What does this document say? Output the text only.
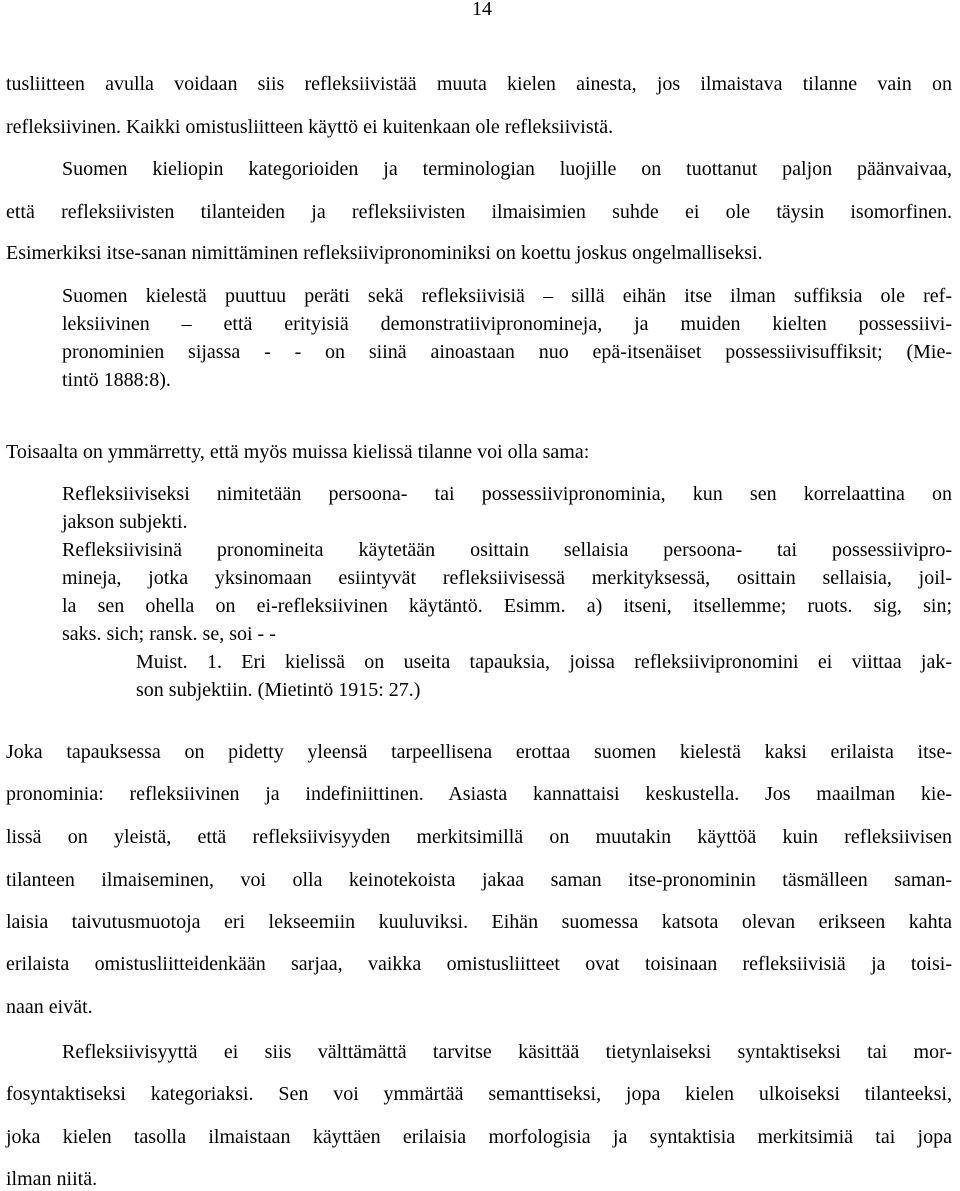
14
tusliitteen avulla voidaan siis refleksiivistää muuta kielen ainesta, jos ilmaistava tilanne vain on
refleksiivinen. Kaikki omistusliitteen käyttö ei kuitenkaan ole refleksiivistä.
Suomen kieliopin kategorioiden ja terminologian luojille on tuottanut paljon päänvaivaa,
että refleksiivisten tilanteiden ja refleksiivisten ilmaisimien suhde ei ole täysin isomorfinen.
Esimerkiksi itse-sanan nimittäminen refleksiivipronominiksi on koettu joskus ongelmalliseksi.
Suomen kielestä puuttuu peräti sekä refleksiivisiä – sillä eihän itse ilman suffiksia ole ref-
leksiivinen – että erityisiä demonstratiivipronomineja, ja muiden kielten possessiivi-
pronominien sijassa - - on siinä ainoastaan nuo epä-itsenäiset possessiivisuffiksit; (Mie-
tintö 1888:8).
Toisaalta on ymmärretty, että myös muissa kielissä tilanne voi olla sama:
Refleksiiviseksi nimitetään persoona- tai possessiivipronominia, kun sen korrelaattina on
jakson subjekti.
Refleksiivisinä pronomineita käytetään osittain sellaisia persoona- tai possessiivipro-
mineja, jotka yksinomaan esiintyvät refleksiivisessä merkityksessä, osittain sellaisia, joil-
la sen ohella on ei-refleksiivinen käytäntö. Esimm. a) itseni, itsellemme; ruots. sig, sin;
saks. sich; ransk. se, soi - -
Muist. 1. Eri kielissä on useita tapauksia, joissa refleksiivipronomini ei viittaa jak-
son subjektiin. (Mietintö 1915: 27.)
Joka tapauksessa on pidetty yleensä tarpeellisena erottaa suomen kielestä kaksi erilaista itse-
pronominia: refleksiivinen ja indefiniittinen. Asiasta kannattaisi keskustella. Jos maailman kie-
lissä on yleistä, että refleksiivisyyden merkitsimillä on muutakin käyttöä kuin refleksiivisen
tilanteen ilmaiseminen, voi olla keinotekoista jakaa saman itse-pronominin täsmälleen saman-
laisia taivutusmuotoja eri lekseemiin kuuluviksi. Eihän suomessa katsota olevan erikseen kahta
erilaista omistusliitteidenkään sarjaa, vaikka omistusliitteet ovat toisinaan refleksiivisiä ja toisi-
naan eivät.
Refleksiivisyyttä ei siis välttämättä tarvitse käsittää tietynlaiseksi syntaktiseksi tai mor-
fosyntaktiseksi kategoriaksi. Sen voi ymmärtää semanttiseksi, jopa kielen ulkoiseksi tilanteeksi,
joka kielen tasolla ilmaistaan käyttäen erilaisia morfologisia ja syntaktisia merkitsimiä tai jopa
ilman niitä.
